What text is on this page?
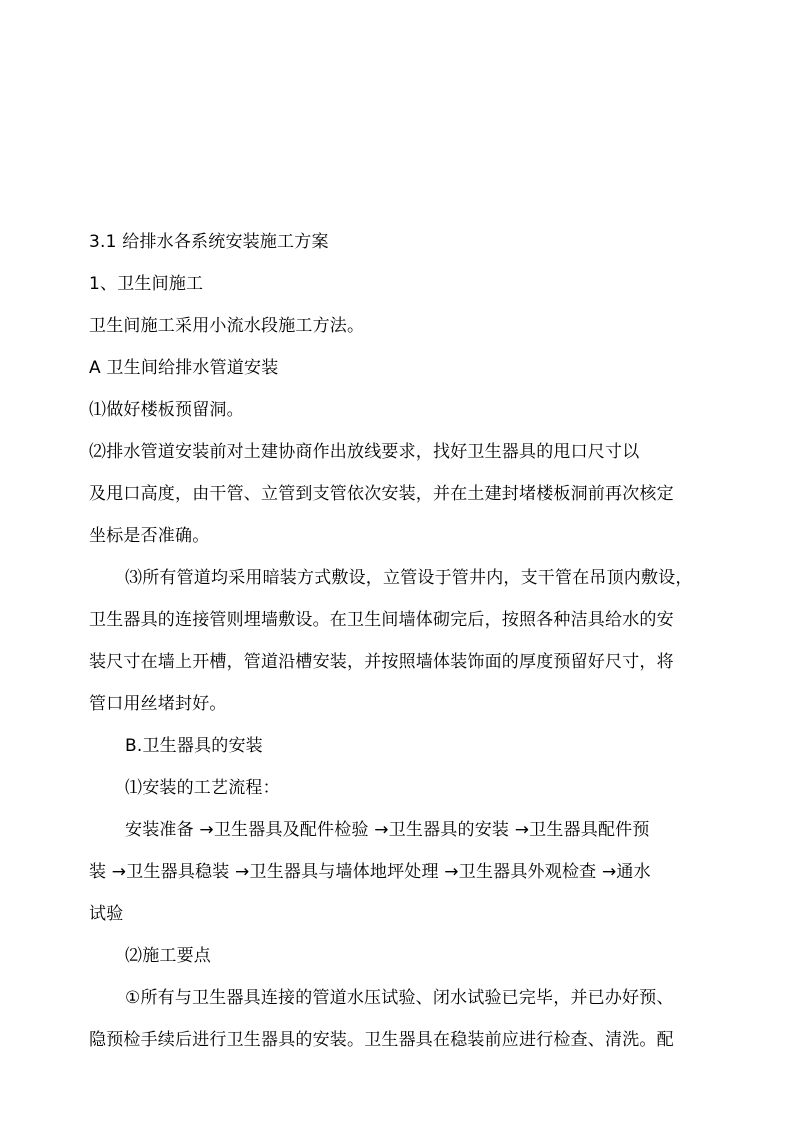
3.1 给排水各系统安装施工方案
1、卫生间施工
卫生间施工采用小流水段施工方法。
A 卫生间给排水管道安装
⑴做好楼板预留洞。
⑵排水管道安装前对土建协商作出放线要求，找好卫生器具的甩口尺寸以
及甩口高度，由干管、立管到支管依次安装，并在土建封堵楼板洞前再次核定
坐标是否准确。
⑶所有管道均采用暗装方式敷设，立管设于管井内，支干管在吊顶内敷设，
卫生器具的连接管则埋墙敷设。在卫生间墙体砌完后，按照各种洁具给水的安
装尺寸在墙上开槽，管道沿槽安装，并按照墙体装饰面的厚度预留好尺寸，将
管口用丝堵封好。
B.卫生器具的安装
⑴安装的工艺流程：
安装准备 →卫生器具及配件检验 →卫生器具的安装 →卫生器具配件预
装 →卫生器具稳装 →卫生器具与墙体地坪处理 →卫生器具外观检查 →通水
试验
⑵施工要点
①所有与卫生器具连接的管道水压试验、闭水试验已完毕，并已办好预、
隐预检手续后进行卫生器具的安装。卫生器具在稳装前应进行检查、清洗。配
